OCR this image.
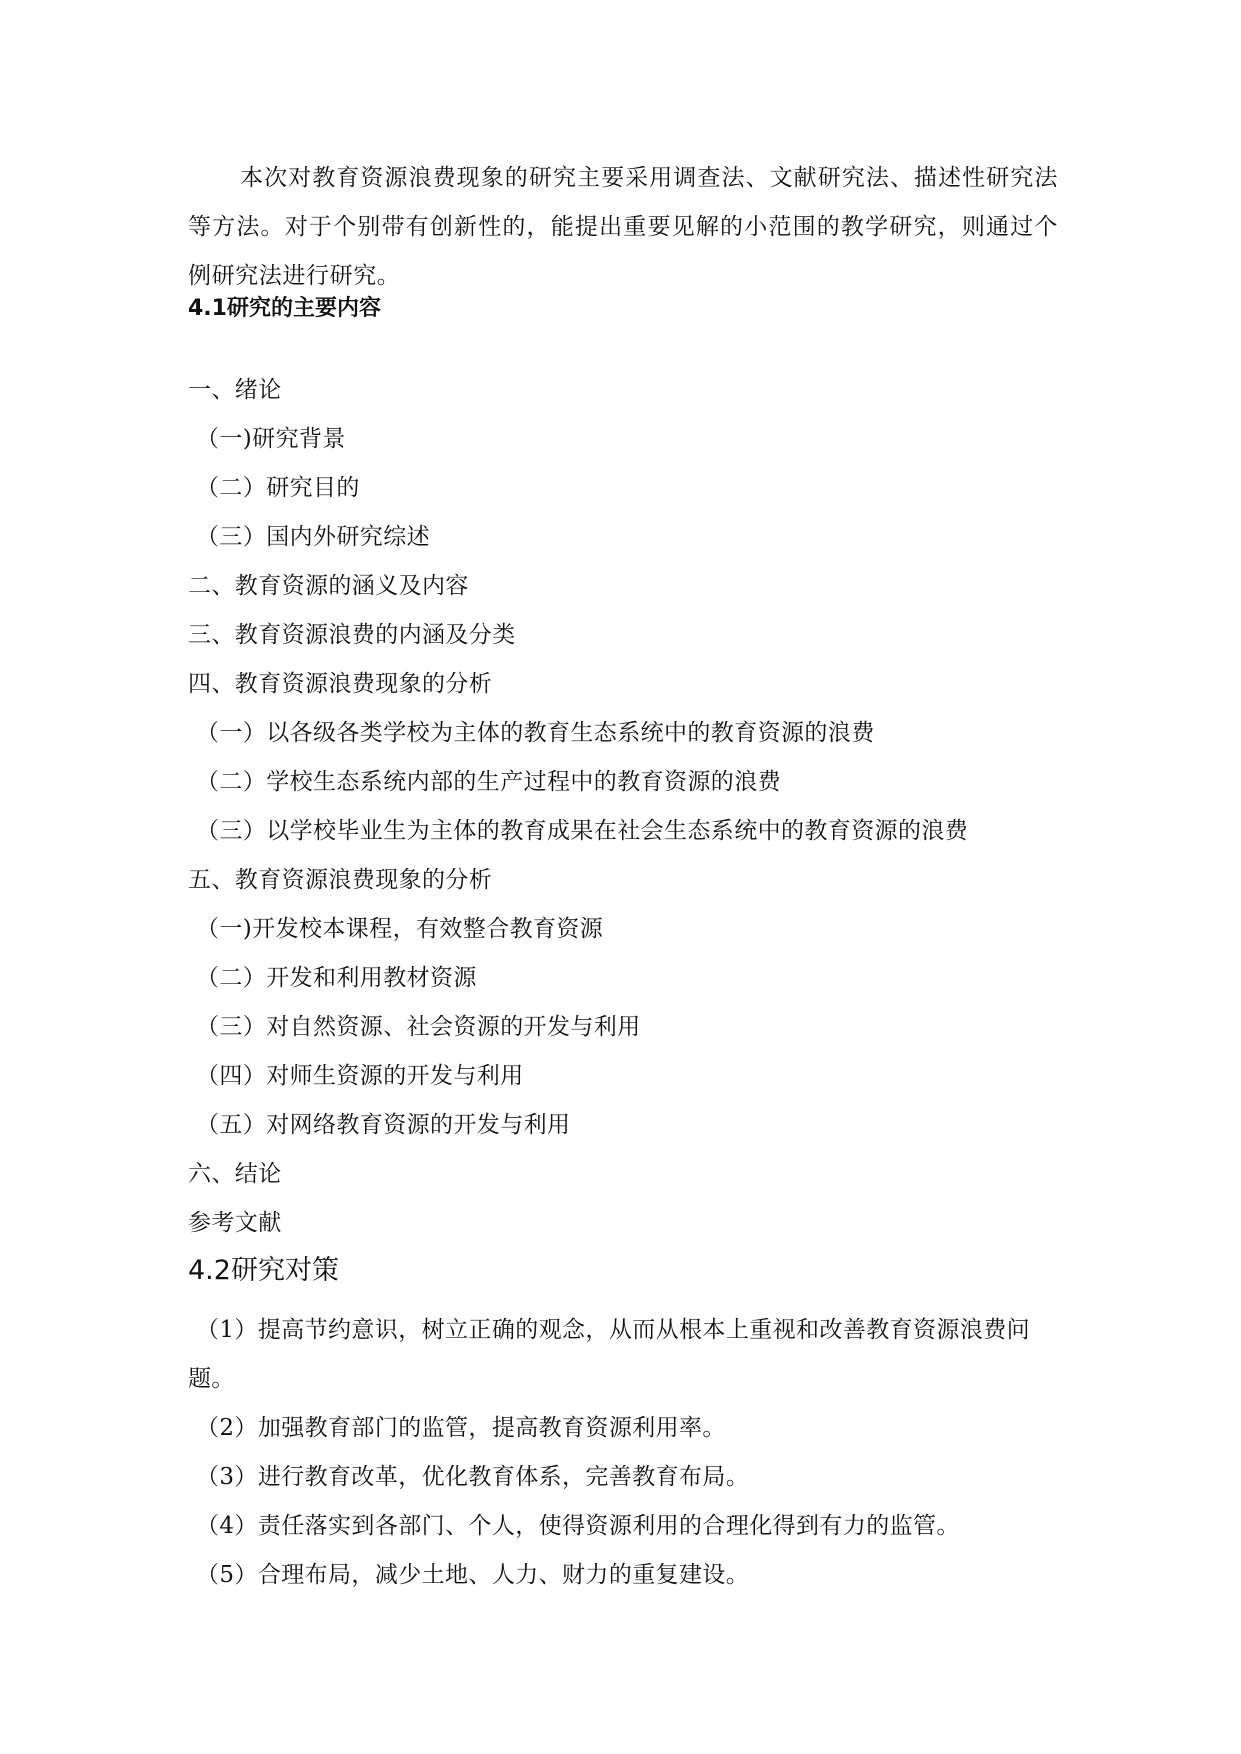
本次对教育资源浪费现象的研究主要采用调查法、文献研究法、描述性研究法等方法。对于个别带有创新性的，能提出重要见解的小范围的教学研究，则通过个例研究法进行研究。

4.1研究的主要内容
一、绪论
（一)研究背景
（二）研究目的
（三）国内外研究综述
二、教育资源的涵义及内容
三、教育资源浪费的内涵及分类
四、教育资源浪费现象的分析
（一）以各级各类学校为主体的教育生态系统中的教育资源的浪费
（二）学校生态系统内部的生产过程中的教育资源的浪费
（三）以学校毕业生为主体的教育成果在社会生态系统中的教育资源的浪费
五、教育资源浪费现象的分析
（一)开发校本课程，有效整合教育资源
（二）开发和利用教材资源
（三）对自然资源、社会资源的开发与利用
（四）对师生资源的开发与利用
（五）对网络教育资源的开发与利用
六、结论
参考文献
4.2研究对策
（1）提高节约意识，树立正确的观念，从而从根本上重视和改善教育资源浪费问题。
（2）加强教育部门的监管，提高教育资源利用率。
（3）进行教育改革，优化教育体系，完善教育布局。
（4）责任落实到各部门、个人，使得资源利用的合理化得到有力的监管。
（5）合理布局，减少土地、人力、财力的重复建设。
